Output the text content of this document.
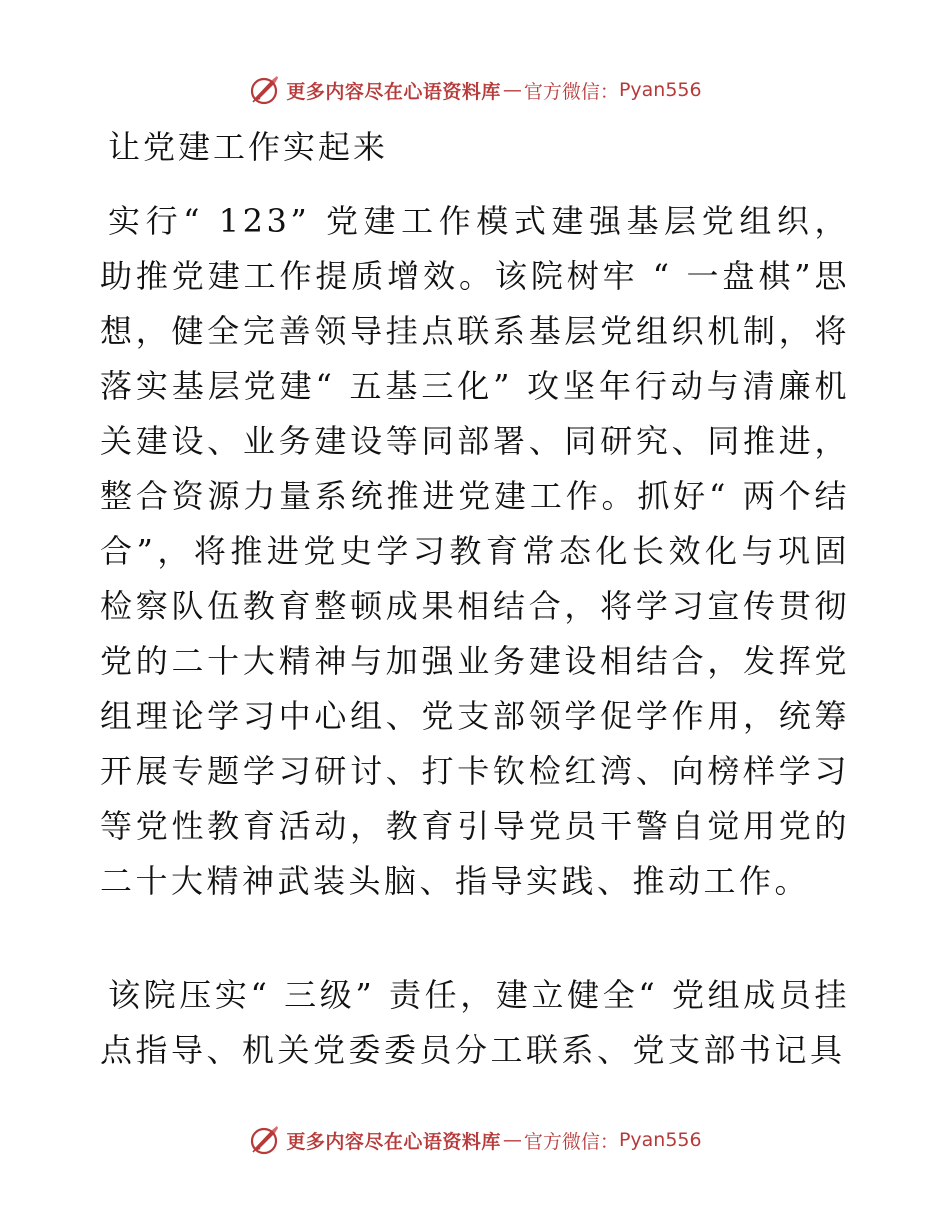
更多内容尽在心语资料库 — 官方微信： Pyan556
让党建工作实起来

实行“ 123” 党建工作模式建强基层党组织，助推党建工作提质增效。该院树牢 “ 一盘棋”思想，健全完善领导挂点联系基层党组织机制，将落实基层党建“ 五基三化” 攻坚年行动与清廉机关建设、业务建设等同部署、同研究、同推进，整合资源力量系统推进党建工作。抓好“ 两个结合”，将推进党史学习教育常态化长效化与巩固检察队伍教育整顿成果相结合，将学习宣传贯彻党的二十大精神与加强业务建设相结合，发挥党组理论学习中心组、党支部领学促学作用，统筹开展专题学习研讨、打卡钦检红湾、向榜样学习等党性教育活动，教育引导党员干警自觉用党的二十大精神武装头脑、指导实践、推动工作。

该院压实“ 三级” 责任，建立健全“ 党组成员挂点指导、机关党委委员分工联系、党支部书记具

更多内容尽在心语资料库 — 官方微信： Pyan556
